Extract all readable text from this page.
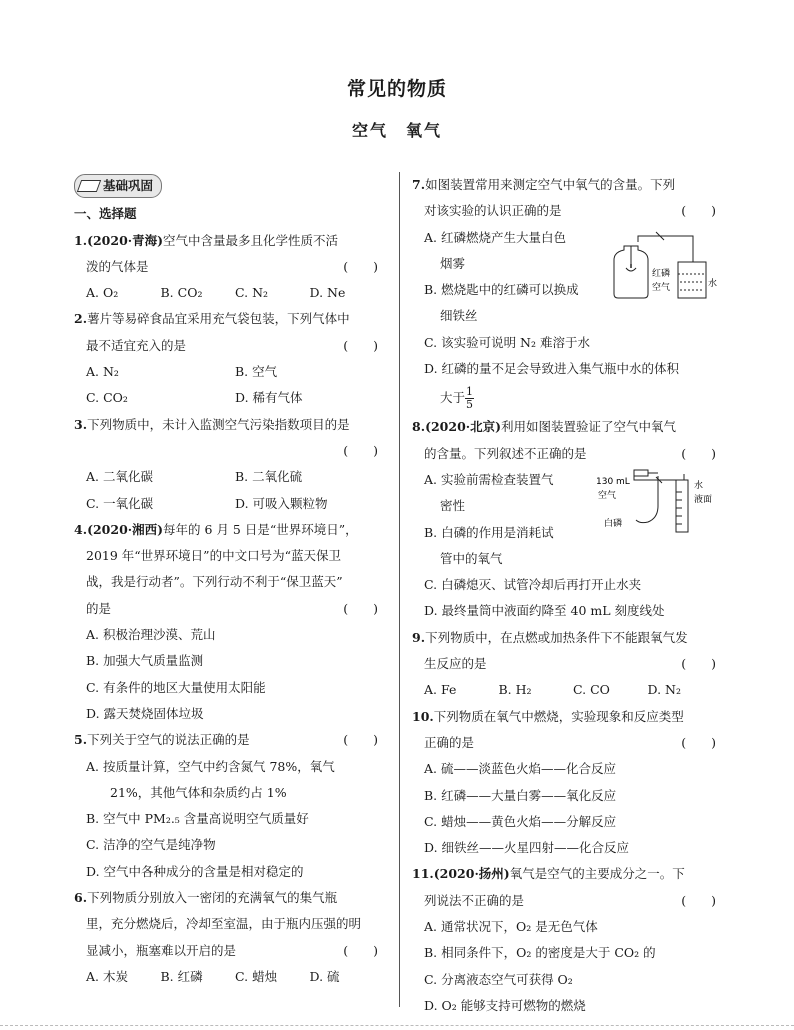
常见的物质
空气　氧气
基础巩固
一、选择题
1.(2020·青海)空气中含量最多且化学性质不活
泼的气体是	(　　)
A. O₂	B. CO₂	C. N₂	D. Ne
2.薯片等易碎食品宜采用充气袋包装，下列气体中
最不适宜充入的是	(　　)
A. N₂	B. 空气
C. CO₂	D. 稀有气体
3.下列物质中，未计入监测空气污染指数项目的是

(　　)
A. 二氧化碳	B. 二氧化硫
C. 一氧化碳	D. 可吸入颗粒物
4.(2020·湘西)每年的 6 月 5 日是“世界环境日”，
2019 年“世界环境日”的中文口号为“蓝天保卫
战，我是行动者”。下列行动不利于“保卫蓝天”
的是	(　　)
A. 积极治理沙漠、荒山
B. 加强大气质量监测
C. 有条件的地区大量使用太阳能
D. 露天焚烧固体垃圾
5.下列关于空气的说法正确的是	(　　)
A. 按质量计算，空气中约含氮气 78%，氧气
21%，其他气体和杂质约占 1%
B. 空气中 PM₂.₅ 含量高说明空气质量好
C. 洁净的空气是纯净物
D. 空气中各种成分的含量是相对稳定的
6.下列物质分别放入一密闭的充满氧气的集气瓶
里，充分燃烧后，冷却至室温，由于瓶内压强的明
显减小，瓶塞难以开启的是	(　　)
A. 木炭	B. 红磷	C. 蜡烛	D. 硫
7.如图装置常用来测定空气中氧气的含量。下列
对该实验的认识正确的是	(　　)
A. 红磷燃烧产生大量白色
烟雾
B. 燃烧匙中的红磷可以换成
细铁丝
C. 该实验可说明 N₂ 难溶于水
D. 红磷的量不足会导致进入集气瓶中水的体积
大于 $\frac{1}{5}$
8.(2020·北京)利用如图装置验证了空气中氧气
的含量。下列叙述不正确的是	(　　)
A. 实验前需检查装置气
密性
B. 白磷的作用是消耗试
管中的氧气
C. 白磷熄灭、试管冷却后再打开止水夹
D. 最终量筒中液面约降至 40 mL 刻度线处
9.下列物质中，在点燃或加热条件下不能跟氧气发
生反应的是	(　　)
A. Fe	B. H₂	C. CO	D. N₂
10.下列物质在氧气中燃烧，实验现象和反应类型
正确的是	(　　)
A. 硫——淡蓝色火焰——化合反应
B. 红磷——大量白雾——氧化反应
C. 蜡烛——黄色火焰——分解反应
D. 细铁丝——火星四射——化合反应
11.(2020·扬州)氧气是空气的主要成分之一。下
列说法不正确的是	(　　)
A. 通常状况下，O₂ 是无色气体
B. 相同条件下，O₂ 的密度是大于 CO₂ 的
C. 分离液态空气可获得 O₂
D. O₂ 能够支持可燃物的燃烧
红磷
空气	水
130 mL
空气
白磷
水
液面
